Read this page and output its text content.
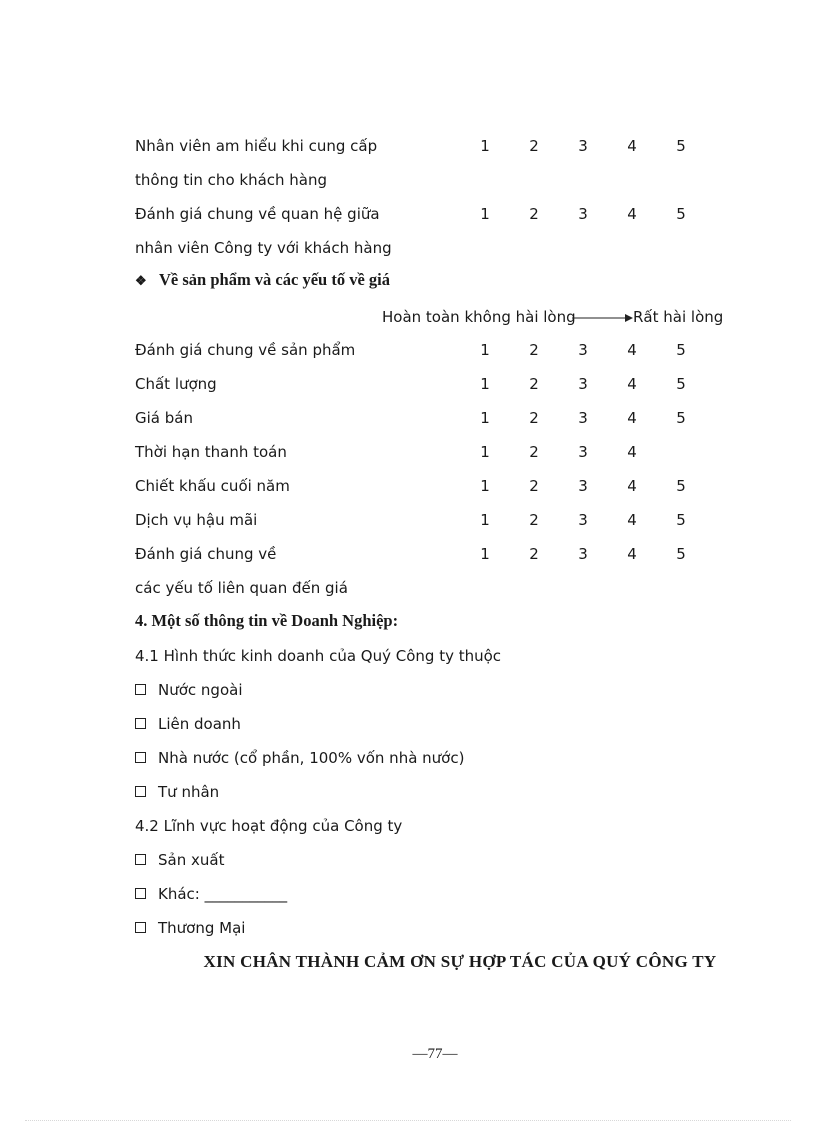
Nhân viên am hiểu khi cung cấp
thông tin cho khách hàng
1	2	3	4	5
Đánh giá chung về quan hệ giữa
nhân viên Công ty với khách hàng
1	2	3	4	5
❖ Về sản phẩm và các yếu tố về giá
Hoàn toàn không hài lòng	Rất hài lòng
Đánh giá chung về sản phẩm	1	2	3	4	5
Chất lượng	1	2	3	4	5
Giá bán	1	2	3	4	5
Thời hạn thanh toán	1	2	3	4
Chiết khấu cuối năm	1	2	3	4	5
Dịch vụ hậu mãi	1	2	3	4	5
Đánh giá chung về
các yếu tố liên quan đến giá
1	2	3	4	5
4. Một số thông tin về Doanh Nghiệp:
4.1 Hình thức kinh doanh của Quý Công ty thuộc
Nước ngoài
Liên doanh
Nhà nước (cổ phần, 100% vốn nhà nước)
Tư nhân
4.2 Lĩnh vực hoạt động của Công ty
Sản xuất
Khác: ___________
Thương Mại
XIN CHÂN THÀNH CẢM ƠN SỰ HỢP TÁC CỦA QUÝ CÔNG TY
—77—
